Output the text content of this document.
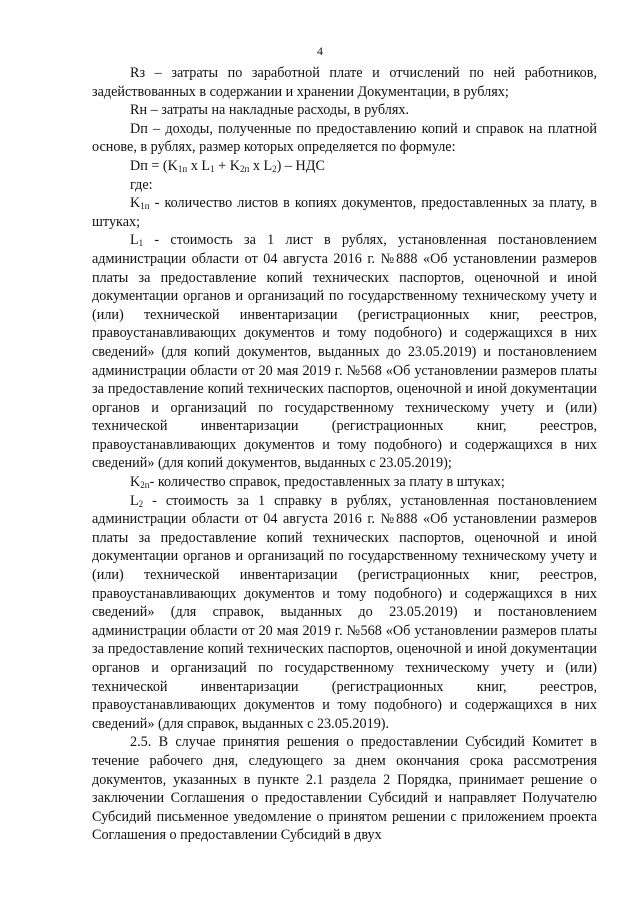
4

Rз – затраты по заработной плате и отчислений по ней работников, задействованных в содержании и хранении Документации, в рублях;

Rн – затраты на накладные расходы, в рублях.

Dп – доходы, полученные по предоставлению копий и справок на платной основе, в рублях, размер которых определяется по формуле:

Dп = ($K_{1п}$ х $L_1 + K_{2п}$ х $L_2$) – НДС

где:

$K_{1п}$ - количество листов в копиях документов, предоставленных за плату, в штуках;

$L_1$ - стоимость за 1 лист в рублях, установленная постановлением администрации области от 04 августа 2016 г. №888 «Об установлении размеров платы за предоставление копий технических паспортов, оценочной и иной документации органов и организаций по государственному техническому учету и (или) технической инвентаризации (регистрационных книг, реестров, правоустанавливающих документов и тому подобного) и содержащихся в них сведений» (для копий документов, выданных до 23.05.2019) и постановлением администрации области от 20 мая 2019 г. №568 «Об установлении размеров платы за предоставление копий технических паспортов, оценочной и иной документации органов и организаций по государственному техническому учету и (или) технической инвентаризации (регистрационных книг, реестров, правоустанавливающих документов и тому подобного) и содержащихся в них сведений» (для копий документов, выданных с 23.05.2019);

$K_{2п}-$ количество справок, предоставленных за плату в штуках;

$L_2$ - стоимость за 1 справку в рублях, установленная постановлением администрации области от 04 августа 2016 г. №888 «Об установлении размеров платы за предоставление копий технических паспортов, оценочной и иной документации органов и организаций по государственному техническому учету и (или) технической инвентаризации (регистрационных книг, реестров, правоустанавливающих документов и тому подобного) и содержащихся в них сведений» (для справок, выданных до 23.05.2019) и постановлением администрации области от 20 мая 2019 г. №568 «Об установлении размеров платы за предоставление копий технических паспортов, оценочной и иной документации органов и организаций по государственному техническому учету и (или) технической инвентаризации (регистрационных книг, реестров, правоустанавливающих документов и тому подобного) и содержащихся в них сведений» (для справок, выданных с 23.05.2019).

2.5. В случае принятия решения о предоставлении Субсидий Комитет в течение рабочего дня, следующего за днем окончания срока рассмотрения документов, указанных в пункте 2.1 раздела 2 Порядка, принимает решение о заключении Соглашения о предоставлении Субсидий и направляет Получателю Субсидий письменное уведомление о принятом решении с приложением проекта Соглашения о предоставлении Субсидий в двух
